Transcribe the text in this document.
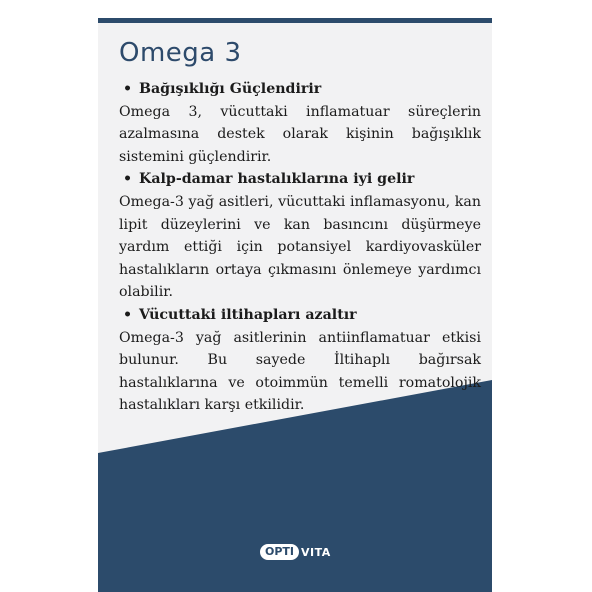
Omega 3

• Bağışıklığı Güçlendirir

Omega 3, vücuttaki inflamatuar süreçlerin azalmasına destek olarak kişinin bağışıklık sistemini güçlendirir.

• Kalp-damar hastalıklarına iyi gelir

Omega-3 yağ asitleri, vücuttaki inflamasyonu, kan lipit düzeylerini ve kan basıncını düşürmeye yardım ettiği için potansiyel kardiyovasküler hastalıkların ortaya çıkmasını önlemeye yardımcı olabilir.

• Vücuttaki iltihapları azaltır

Omega-3 yağ asitlerinin antiinflamatuar etkisi bulunur. Bu sayede İltihaplı bağırsak hastalıklarına ve otoimmün temelli romatolojik hastalıkları karşı etkilidir.

OPTI VITA
